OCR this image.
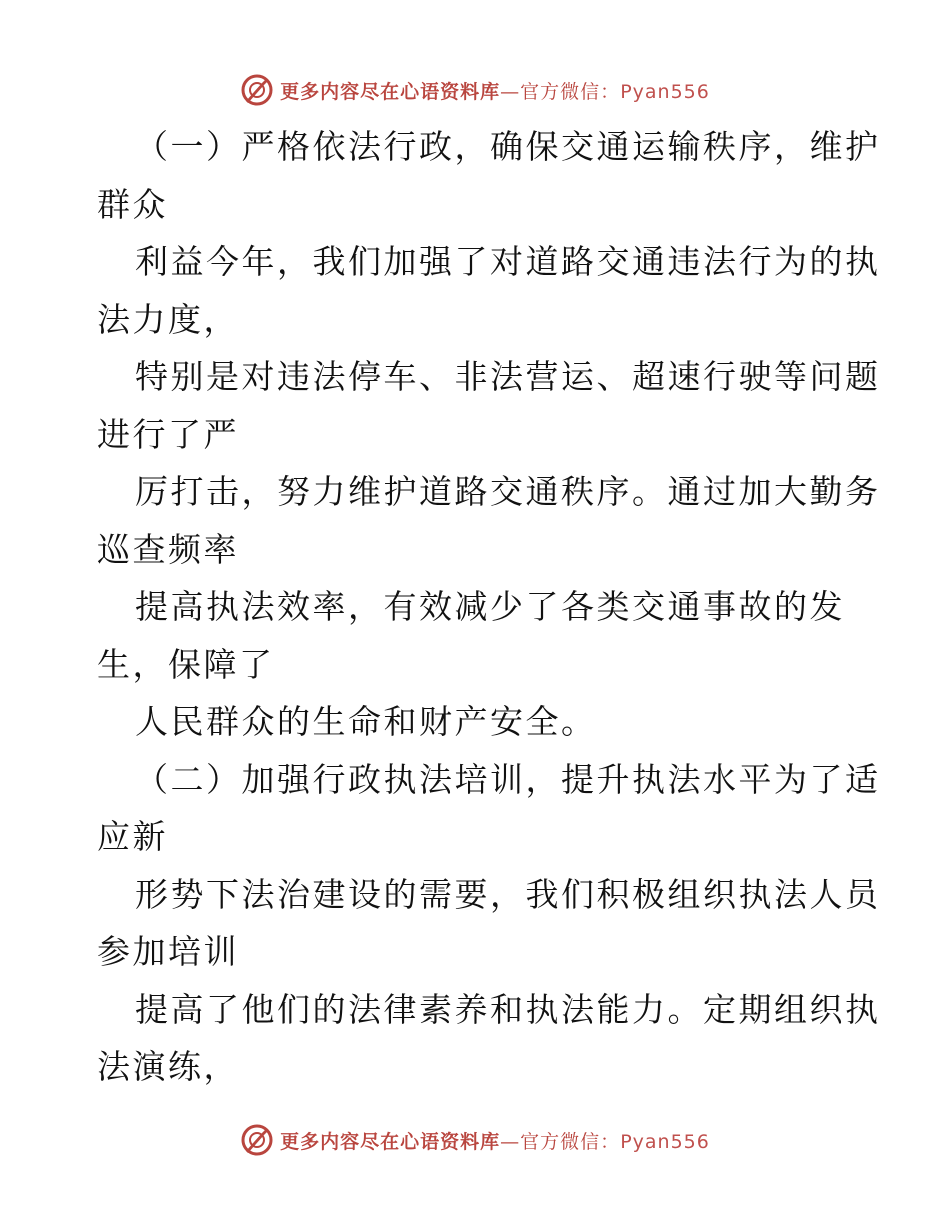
更多内容尽在心语资料库—官方微信：Pyan556
（一）严格依法行政，确保交通运输秩序，维护
群众
利益今年，我们加强了对道路交通违法行为的执
法力度，
特别是对违法停车、非法营运、超速行驶等问题
进行了严
厉打击，努力维护道路交通秩序。通过加大勤务
巡查频率
提高执法效率，有效减少了各类交通事故的发
生，保障了
人民群众的生命和财产安全。
（二）加强行政执法培训，提升执法水平为了适
应新
形势下法治建设的需要，我们积极组织执法人员
参加培训
提高了他们的法律素养和执法能力。定期组织执
法演练，
更多内容尽在心语资料库—官方微信：Pyan556
